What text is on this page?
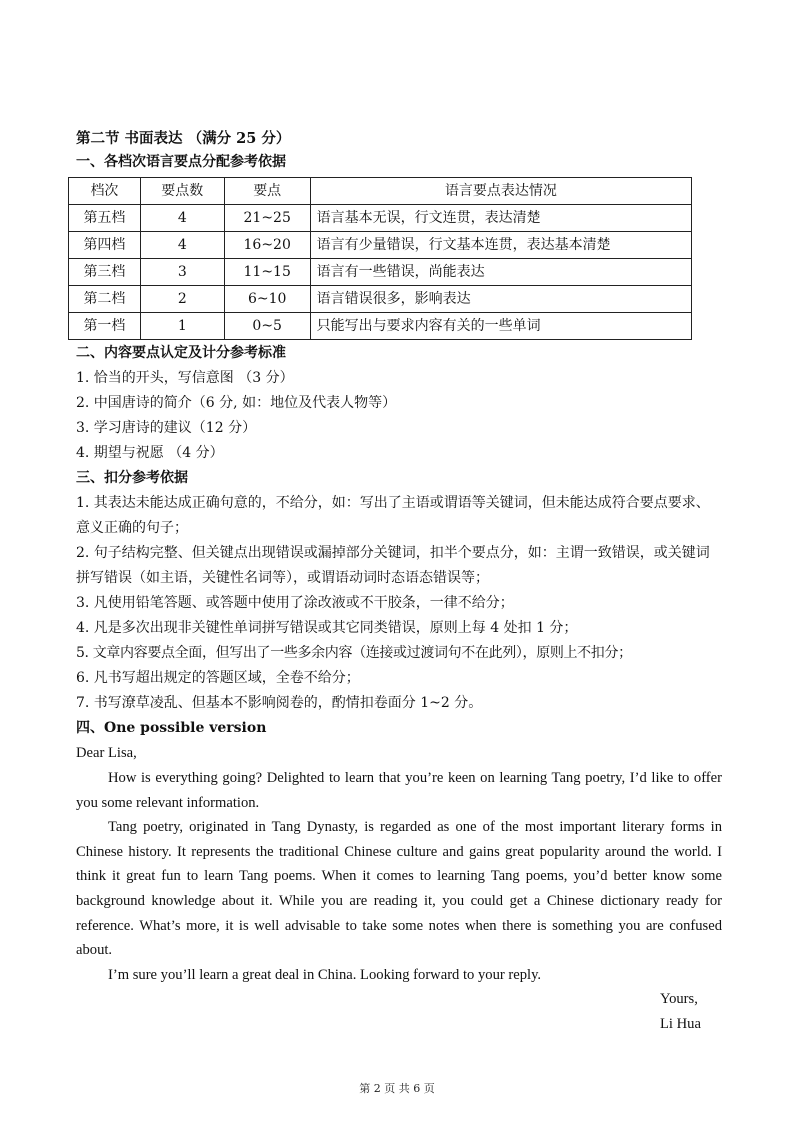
第二节 书面表达 （满分 25 分）
一、各档次语言要点分配参考依据
档次	要点数	要点	语言要点表达情况
第五档	4	21~25	语言基本无误，行文连贯，表达清楚
第四档	4	16~20	语言有少量错误，行文基本连贯，表达基本清楚
第三档	3	11~15	语言有一些错误，尚能表达
第二档	2	6~10	语言错误很多，影响表达
第一档	1	0~5	只能写出与要求内容有关的一些单词
二、内容要点认定及计分参考标准
1. 恰当的开头，写信意图 （3 分）
2. 中国唐诗的简介（6 分, 如：地位及代表人物等）
3. 学习唐诗的建议（12 分）
4. 期望与祝愿 （4 分）
三、扣分参考依据
1. 其表达未能达成正确句意的，不给分，如：写出了主语或谓语等关键词，但未能达成符合要点要求、意义正确的句子；
2. 句子结构完整、但关键点出现错误或漏掉部分关键词，扣半个要点分，如：主谓一致错误，或关键词拼写错误（如主语，关键性名词等），或谓语动词时态语态错误等；
3. 凡使用铅笔答题、或答题中使用了涂改液或不干胶条，一律不给分；
4. 凡是多次出现非关键性单词拼写错误或其它同类错误，原则上每 4 处扣 1 分；
5. 文章内容要点全面，但写出了一些多余内容（连接或过渡词句不在此列），原则上不扣分；
6. 凡书写超出规定的答题区域，全卷不给分；
7. 书写潦草凌乱、但基本不影响阅卷的，酌情扣卷面分 1~2 分。
四、One possible version
Dear Lisa,

How is everything going? Delighted to learn that you’re keen on learning Tang poetry, I’d like to offer you some relevant information.

Tang poetry, originated in Tang Dynasty, is regarded as one of the most important literary forms in Chinese history. It represents the traditional Chinese culture and gains great popularity around the world. I think it great fun to learn Tang poems. When it comes to learning Tang poems, you’d better know some background knowledge about it. While you are reading it, you could get a Chinese dictionary ready for reference. What’s more, it is well advisable to take some notes when there is something you are confused about.

I’m sure you’ll learn a great deal in China. Looking forward to your reply.

Yours,
Li Hua
第 2 页 共 6 页
